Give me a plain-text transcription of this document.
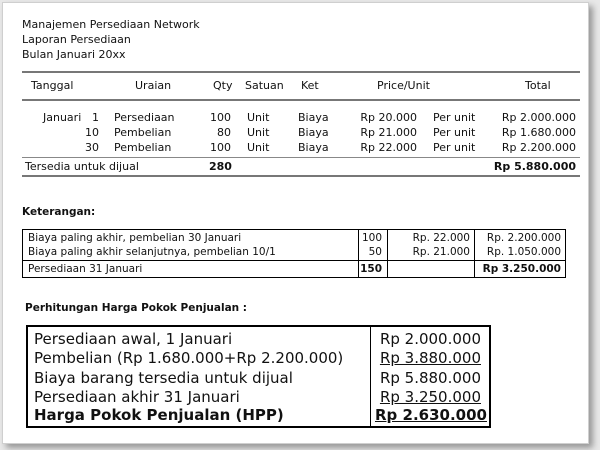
Manajemen Persediaan Network
Laporan Persediaan
Bulan Januari 20xx
Tanggal	Uraian	Qty Satuan Ket	Price/Unit	Total
Januari 1 Persediaan	100 Unit	Biaya	Rp 20.000 Per unit	Rp 2.000.000
10 Pembelian	80 Unit	Biaya	Rp 21.000 Per unit	Rp 1.680.000
30 Pembelian	100 Unit	Biaya	Rp 22.000 Per unit	Rp 2.200.000
Tersedia untuk dijual	280	Rp 5.880.000
Keterangan:
Biaya paling akhir, pembelian 30 Januari	100	Rp. 22.000	Rp. 2.200.000
Biaya paling akhir selanjutnya, pembelian 10/1	50	Rp. 21.000	Rp. 1.050.000
Persediaan 31 Januari	150	Rp 3.250.000
Perhitungan Harga Pokok Penjualan :
Persediaan awal, 1 Januari	Rp 2.000.000
Pembelian (Rp 1.680.000+Rp 2.200.000)	Rp 3.880.000
Biaya barang tersedia untuk dijual	Rp 5.880.000
Persediaan akhir 31 Januari	Rp 3.250.000
Harga Pokok Penjualan (HPP)	Rp 2.630.000
